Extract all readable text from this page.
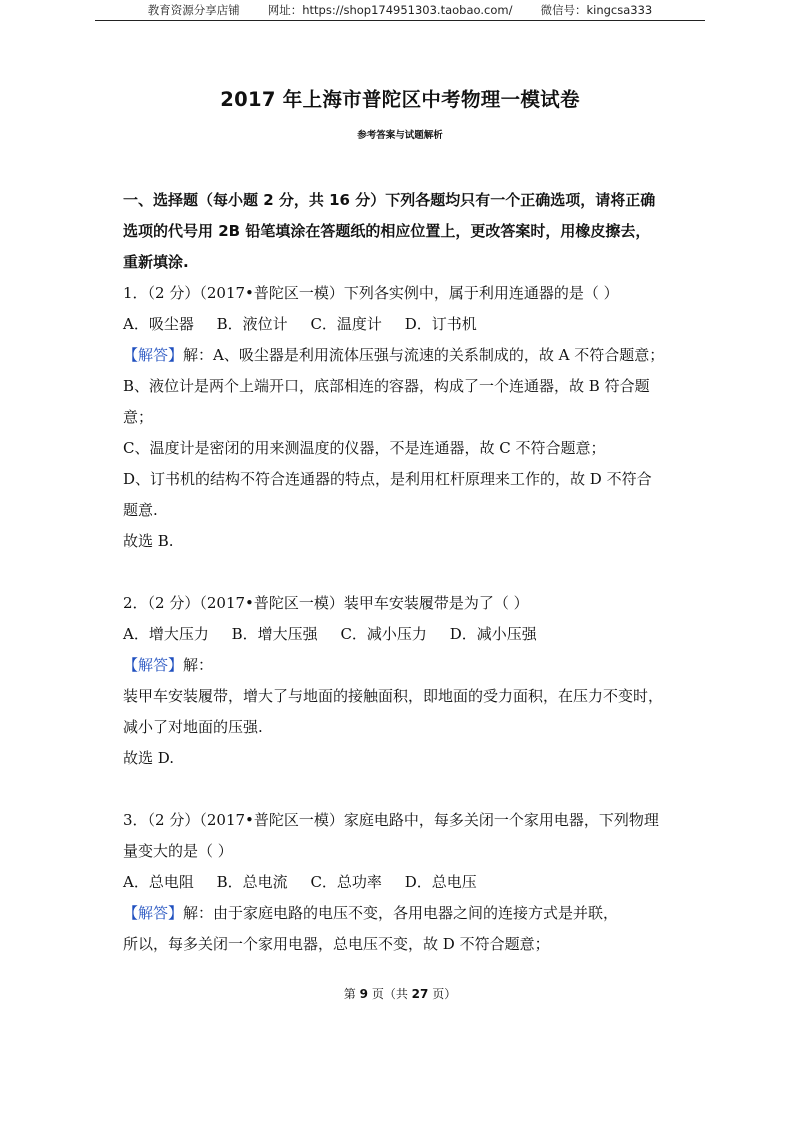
教育资源分享店铺 网址：https://shop174951303.taobao.com/ 微信号：kingcsa333
2017 年上海市普陀区中考物理一模试卷
参考答案与试题解析
一、选择题（每小题 2 分，共 16 分）下列各题均只有一个正确选项，请将正确
选项的代号用 2B 铅笔填涂在答题纸的相应位置上，更改答案时，用橡皮擦去，
重新填涂.
1．（2 分）（2017•普陀区一模）下列各实例中，属于利用连通器的是（ ）
A．吸尘器 B．液位计 C．温度计 D．订书机
【解答】解：A、吸尘器是利用流体压强与流速的关系制成的，故 A 不符合题意；
B、液位计是两个上端开口，底部相连的容器，构成了一个连通器，故 B 符合题
意；
C、温度计是密闭的用来测温度的仪器，不是连通器，故 C 不符合题意；
D、订书机的结构不符合连通器的特点，是利用杠杆原理来工作的，故 D 不符合
题意.
故选 B.
2．（2 分）（2017•普陀区一模）装甲车安装履带是为了（ ）
A．增大压力 B．增大压强 C．减小压力 D．减小压强
【解答】解：
装甲车安装履带，增大了与地面的接触面积，即地面的受力面积，在压力不变时，
减小了对地面的压强.
故选 D.
3．（2 分）（2017•普陀区一模）家庭电路中，每多关闭一个家用电器，下列物理
量变大的是（ ）
A．总电阻 B．总电流 C．总功率 D．总电压
【解答】解：由于家庭电路的电压不变，各用电器之间的连接方式是并联，
所以，每多关闭一个家用电器，总电压不变，故 D 不符合题意；
第 9 页（共 27 页）
